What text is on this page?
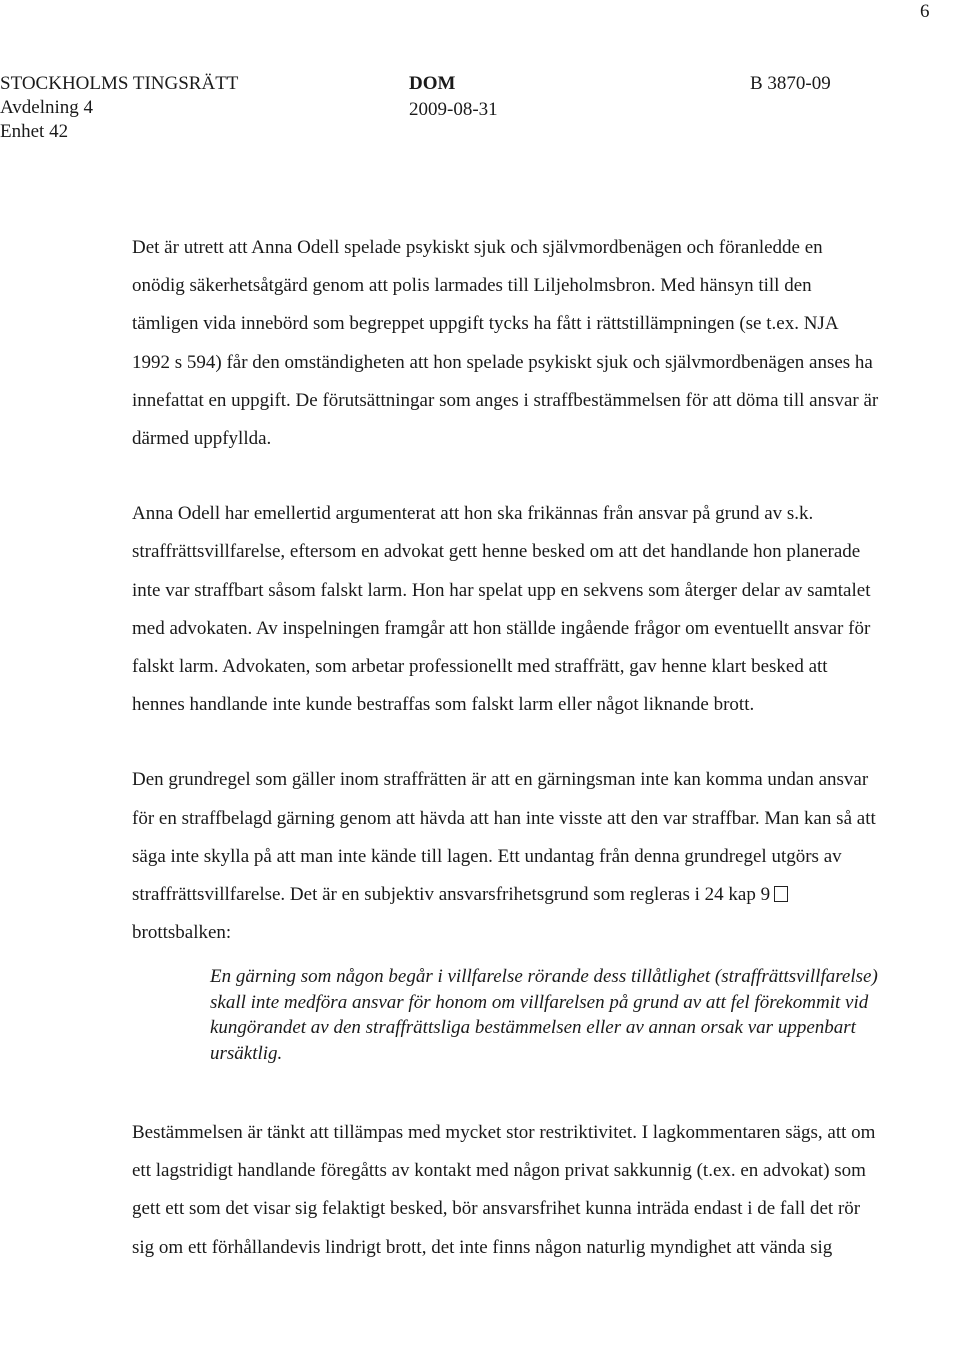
6
STOCKHOLMS TINGSRÄTT
Avdelning 4
Enhet 42
DOM
2009-08-31
B 3870-09

Det är utrett att Anna Odell spelade psykiskt sjuk och självmordbenägen och föranledde en onödig säkerhetsåtgärd genom att polis larmades till Liljeholmsbron. Med hänsyn till den tämligen vida innebörd som begreppet uppgift tycks ha fått i rättstillämpningen (se t.ex. NJA 1992 s 594) får den omständigheten att hon spelade psykiskt sjuk och självmordbenägen anses ha innefattat en uppgift. De förutsättningar som anges i straffbestämmelsen för att döma till ansvar är därmed uppfyllda.

Anna Odell har emellertid argumenterat att hon ska frikännas från ansvar på grund av s.k. straffrättsvillfarelse, eftersom en advokat gett henne besked om att det handlande hon planerade inte var straffbart såsom falskt larm. Hon har spelat upp en sekvens som återger delar av samtalet med advokaten. Av inspelningen framgår att hon ställde ingående frågor om eventuellt ansvar för falskt larm. Advokaten, som arbetar professionellt med straffrätt, gav henne klart besked att hennes handlande inte kunde bestraffas som falskt larm eller något liknande brott.

Den grundregel som gäller inom straffrätten är att en gärningsman inte kan komma undan ansvar för en straffbelagd gärning genom att hävda att han inte visste att den var straffbar. Man kan så att säga inte skylla på att man inte kände till lagen. Ett undantag från denna grundregel utgörs av straffrättsvillfarelse. Det är en subjektiv ansvarsfrihetsgrund som regleras i 24 kap 9brottsbalken:

En gärning som någon begår i villfarelse rörande dess tillåtlighet (straffrättsvillfarelse) skall inte medföra ansvar för honom om villfarelsen på grund av att fel förekommit vid kungörandet av den straffrättsliga bestämmelsen eller av annan orsak var uppenbart ursäktlig.

Bestämmelsen är tänkt att tillämpas med mycket stor restriktivitet. I lagkommentaren sägs, att om ett lagstridigt handlande föregåtts av kontakt med någon privat sakkunnig (t.ex. en advokat) som gett ett som det visar sig felaktigt besked, bör ansvarsfrihet kunna inträda endast i de fall det rör sig om ett förhållandevis lindrigt brott, det inte finns någon naturlig myndighet att vända sig
